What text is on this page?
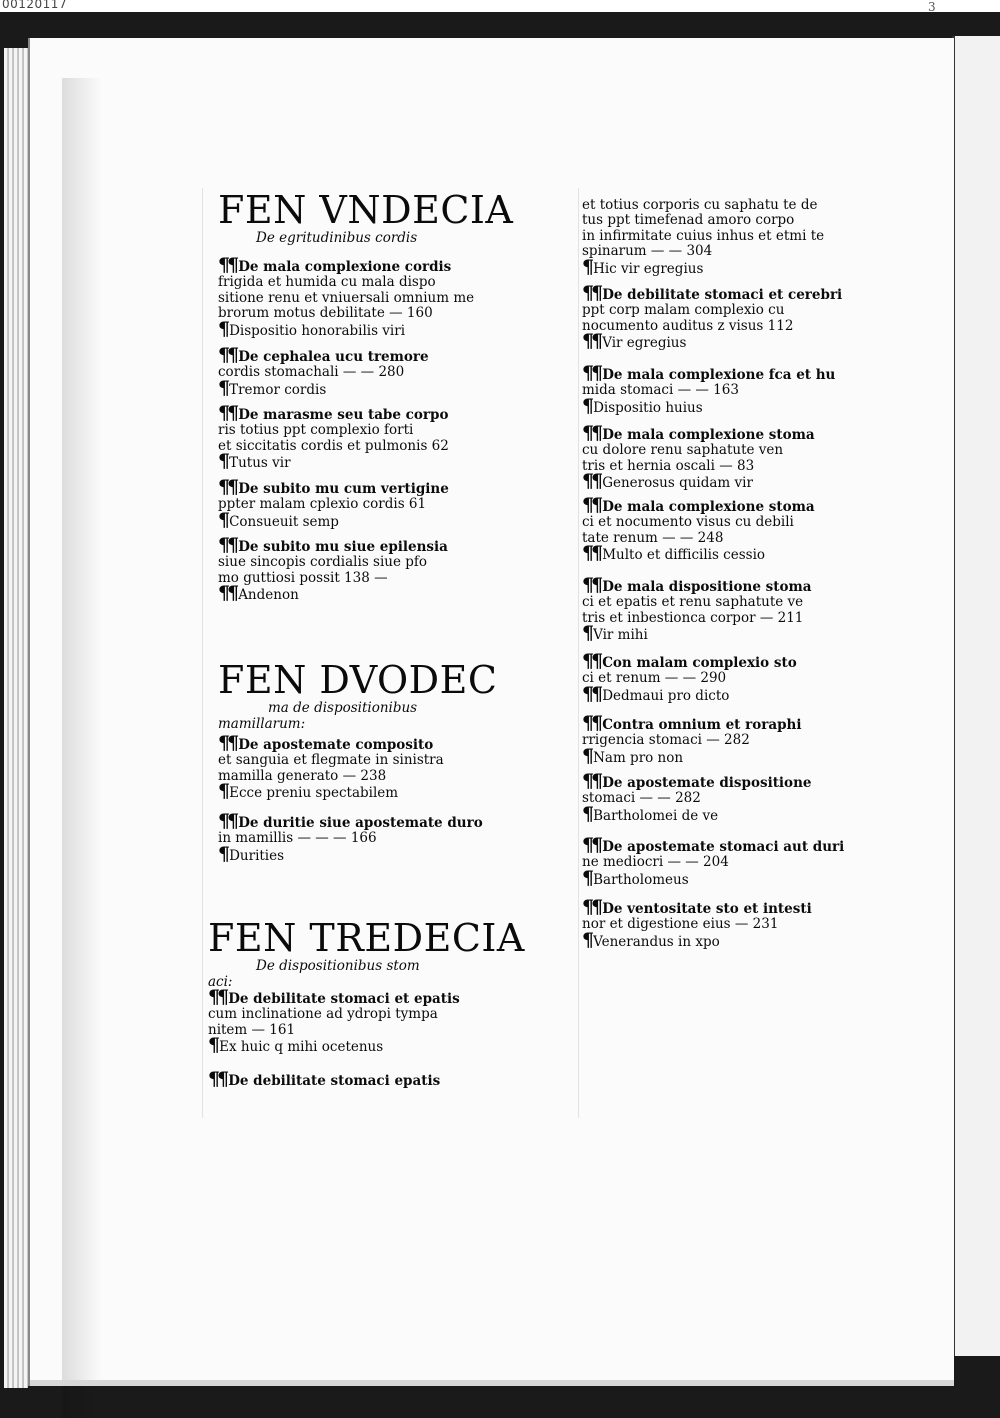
00120117	3
FEN VNDECIA
De egritudinibus cordis
¶¶ De mala complexione cordis
frigida et humida cu mala dispo
sitione renu et vniuersali omnium me
brorum motus debilitate — 160
¶ Dispositio honorabilis viri
¶¶ De cephalea ucu tremore
cordis stomachali — — 280
¶ Tremor cordis
¶¶ De marasme seu tabe corpo
ris totius ppt complexio forti
et siccitatis cordis et pulmonis 62
¶ Tutus vir
¶¶ De subito mu cum vertigine
ppter malam cplexio cordis 61
¶ Consueuit semp
¶¶ De subito mu siue epilensia
siue sincopis cordialis siue pfo
mo guttiosi possit 138 —
¶¶ Andenon
FEN DVODEC
ma de dispositionibus
mamillarum:
¶¶ De apostemate composito
et sanguia et flegmate in sinistra
mamilla generato — 238
¶ Ecce preniu spectabilem
¶¶ De duritie siue apostemate duro
in mamillis — — — 166
¶ Durities
FEN TREDECIA
De dispositionibus stom
aci:
¶¶ De debilitate stomaci et epatis
cum inclinatione ad ydropi tympa
nitem — 161
¶ Ex huic q mihi ocetenus
¶¶ De debilitate stomaci epatis
et totius corporis cu saphatu te de
tus ppt timefenad amoro corpo
in infirmitate cuius inhus et etmi te
spinarum — — 304
¶ Hic vir egregius
¶¶ De debilitate stomaci et cerebri
ppt corp malam complexio cu
nocumento auditus z visus 112
¶¶ Vir egregius
¶¶ De mala complexione fca et hu
mida stomaci — — 163
¶ Dispositio huius
¶¶ De mala complexione stoma
cu dolore renu saphatute ven
tris et hernia oscali — 83
¶¶ Generosus quidam vir
¶¶ De mala complexione stoma
ci et nocumento visus cu debili
tate renum — — 248
¶¶ Multo et difficilis cessio
¶¶ De mala dispositione stoma
ci et epatis et renu saphatute ve
tris et inbestionca corpor — 211
¶ Vir mihi
¶¶ Con malam complexio sto
ci et renum — — 290
¶¶ Dedmaui pro dicto
¶¶ Contra omnium et roraphi
rrigencia stomaci — 282
¶ Nam pro non
¶¶ De apostemate dispositione
stomaci — — 282
¶ Bartholomei de ve
¶¶ De apostemate stomaci aut duri
ne mediocri — — 204
¶ Bartholomeus
¶¶ De ventositate sto et intesti
nor et digestione eius — 231
¶ Venerandus in xpo
